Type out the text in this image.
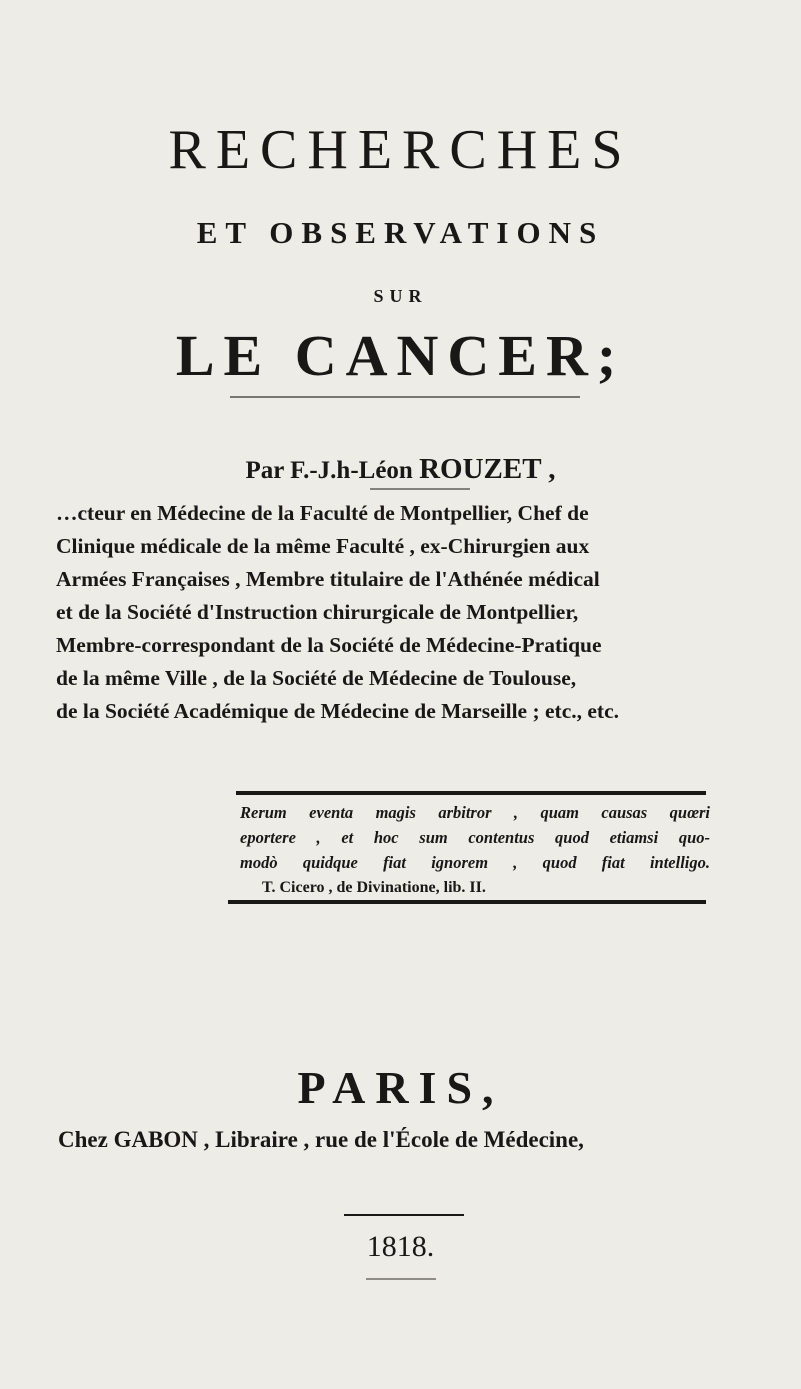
RECHERCHES
ET OBSERVATIONS
SUR
LE CANCER;
Par F.-J.h-Léon ROUZET ,
…cteur en Médecine de la Faculté de Montpellier, Chef de
Clinique médicale de la même Faculté , ex-Chirurgien aux
Armées Françaises , Membre titulaire de l'Athénée médical
et de la Société d'Instruction chirurgicale de Montpellier,
Membre-correspondant de la Société de Médecine-Pratique
de la même Ville , de la Société de Médecine de Toulouse,
de la Société Académique de Médecine de Marseille ; etc., etc.
Rerum eventa magis arbitror , quam causas quœri
eportere , et hoc sum contentus quod etiamsi quo-
modò quidque fiat ignorem , quod fiat intelligo.
T. Cicero , de Divinatione, lib. II.
PARIS,
Chez GABON , Libraire , rue de l'École de Médecine,
1818.
